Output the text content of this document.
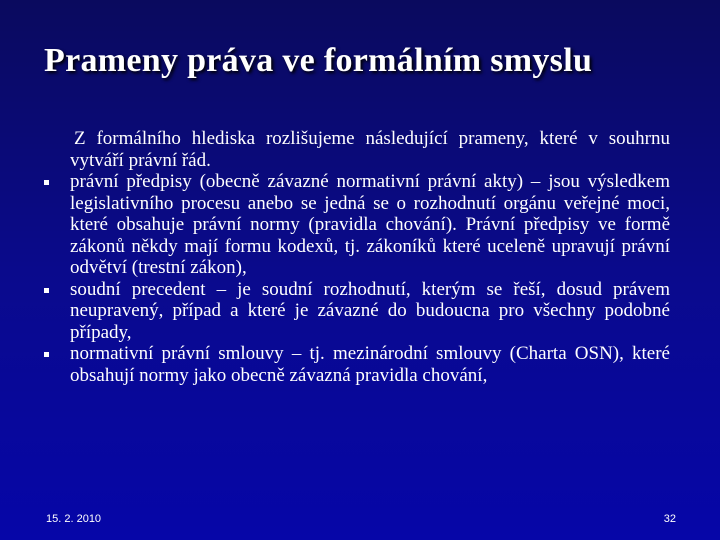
Prameny práva ve formálním smyslu
Z formálního hlediska rozlišujeme následující prameny, které v souhrnu vytváří právní řád.
právní předpisy (obecně závazné normativní právní akty) – jsou výsledkem legislativního procesu anebo se jedná se o rozhodnutí orgánu veřejné moci, které obsahuje právní normy (pravidla chování). Právní předpisy ve formě zákonů někdy mají formu kodexů, tj. zákoníků které uceleně upravují právní odvětví (trestní zákon),
soudní precedent – je soudní rozhodnutí, kterým se řeší, dosud právem neupravený, případ a které je závazné do budoucna pro všechny podobné případy,
normativní právní smlouvy – tj. mezinárodní smlouvy (Charta OSN), které obsahují normy jako obecně závazná pravidla chování,
15. 2. 2010	32
